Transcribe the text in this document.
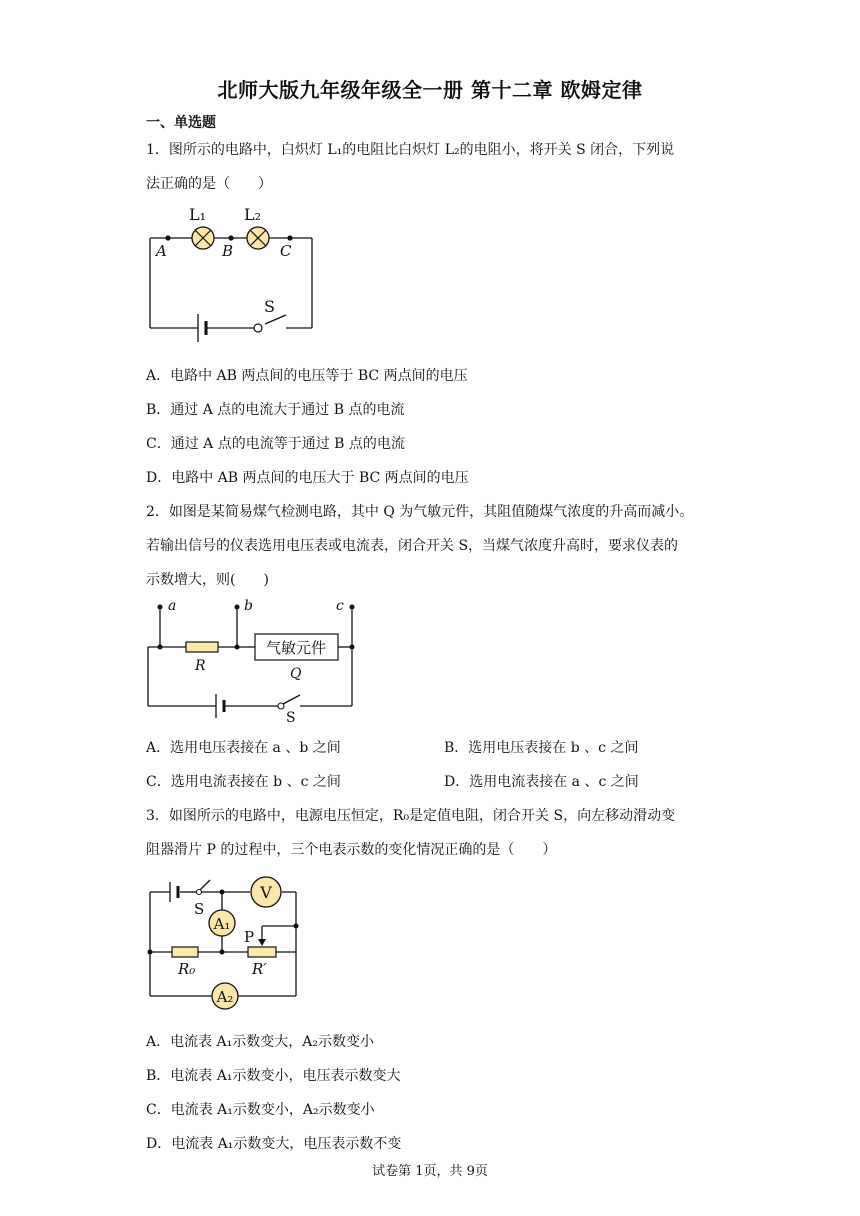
北师大版九年级年级全一册 第十二章 欧姆定律
一、单选题
1．图所示的电路中，白炽灯 L₁的电阻比白炽灯 L₂的电阻小，将开关 S 闭合，下列说
法正确的是（　　）
L₁ L₂
A	B	C
S
A．电路中 AB 两点间的电压等于 BC 两点间的电压
B．通过 A 点的电流大于通过 B 点的电流
C．通过 A 点的电流等于通过 B 点的电流
D．电路中 AB 两点间的电压大于 BC 两点间的电压
2．如图是某简易煤气检测电路，其中 Q 为气敏元件，其阻值随煤气浓度的升高而减小。
若输出信号的仪表选用电压表或电流表，闭合开关 S，当煤气浓度升高时，要求仪表的
示数增大，则(　　)
a	b	c
R
气敏元件
Q
S
A．选用电压表接在 a 、b 之间	B．选用电压表接在 b 、c 之间
C．选用电流表接在 b 、c 之间	D．选用电流表接在 a 、c 之间
3．如图所示的电路中，电源电压恒定，R₀是定值电阻，闭合开关 S，向左移动滑动变
阻器滑片 P 的过程中，三个电表示数的变化情况正确的是（　　）
V
A₁
A₂
S
P
R₀	R′
A．电流表 A₁示数变大，A₂示数变小
B．电流表 A₁示数变小，电压表示数变大
C．电流表 A₁示数变小，A₂示数变小
D．电流表 A₁示数变大，电压表示数不变
试卷第 1页，共 9页
